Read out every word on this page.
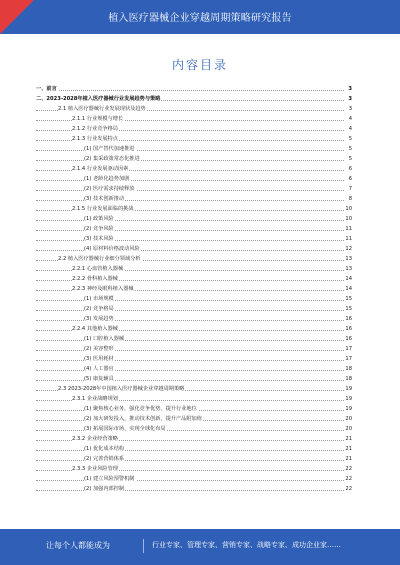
植入医疗器械企业穿越周期策略研究报告
内容目录
一、前言	3
二、2023-2028年植入医疗器械行业发展趋势与策略	3
2.1 植入医疗器械行业发展现状及趋势	3
2.1.1 行业规模与增长	4
2.1.2 行业竞争格局	4
2.1.3 行业发展特点	5
(1) 国产替代加速推进	5
(2) 集采政策常态化推进	5
2.1.4 行业发展驱动因素	6
(1) 老龄化趋势加剧	6
(2) 医疗需求持续释放	7
(3) 技术创新推动	8
2.1.5 行业发展面临的挑战	10
(1) 政策风险	10
(2) 竞争风险	11
(3) 技术风险	11
(4) 原材料价格波动风险	12
2.2 植入医疗器械行业细分领域分析	13
2.2.1 心血管植入器械	13
2.2.2 骨科植入器械	14
2.2.3 神经及眼科植入器械	14
(1) 市场规模	15
(2) 竞争格局	15
(3) 发展趋势	16
2.2.4 其他植入器械	16
(1) 口腔植入器械	16
(2) 美容整形	17
(3) 医用耗材	17
(4) 人工器官	18
(5) 康复辅具	18
2.3 2023-2028年中国植入医疗器械企业穿越周期策略	19
2.3.1 企业战略规划	19
(1) 聚焦核心业务，强化竞争优势，提升行业地位	19
(2) 加大研发投入，推动技术创新，提升产品附加值	20
(3) 拓展国际市场，实现全球化布局	20
2.3.2 企业经营策略	21
(1) 优化成本结构	21
(2) 完善营销体系	21
2.3.3 企业风险管理	22
(1) 建立风险预警机制	22
(2) 加强内部控制	22
让每个人都能成为	行业专家、管理专家、营销专家、战略专家、成功企业家……
